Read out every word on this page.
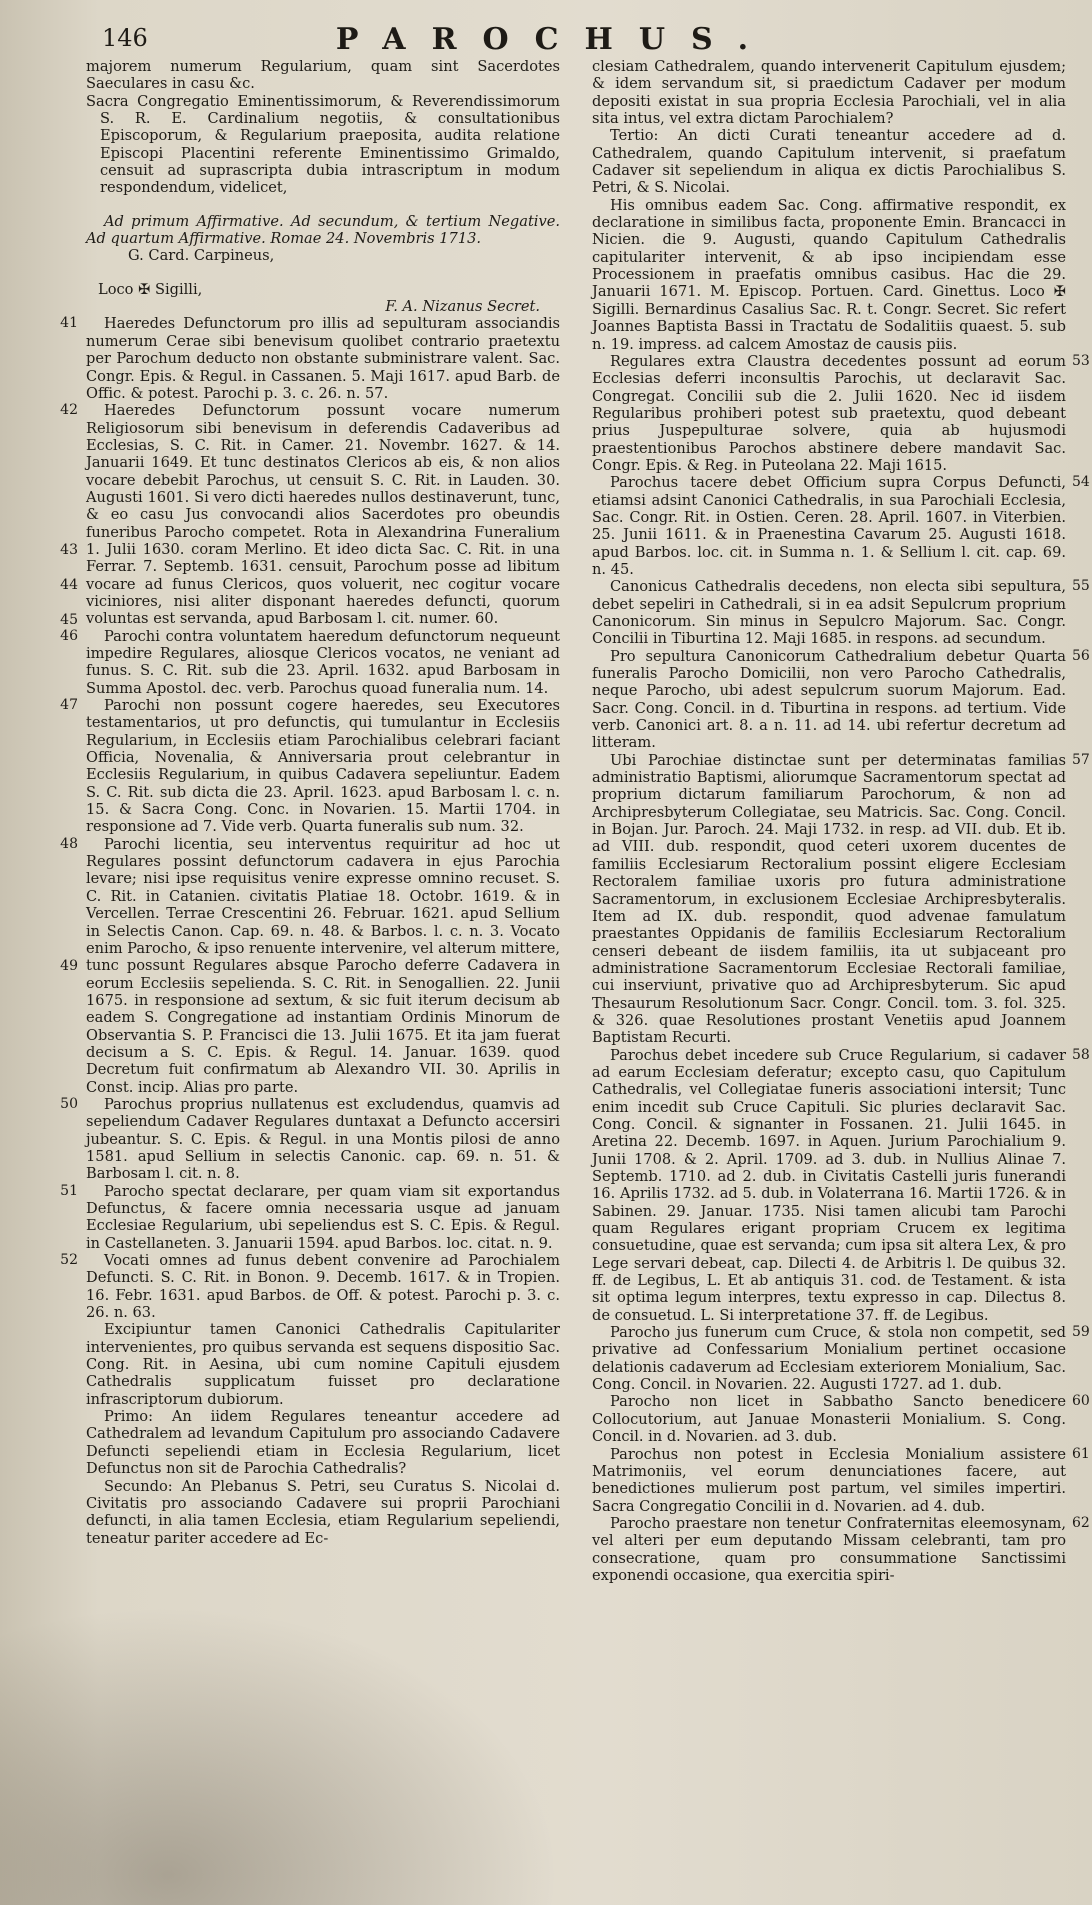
146	PAROCHUS.

majorem numerum Regularium, quam sint Sacerdotes Saeculares in casu &c.

Sacra Congregatio Eminentissimorum, & Reverendissimorum S. R. E. Cardinalium negotiis, & consultationibus Episcoporum, & Regularium praeposita, audita relatione Episcopi Placentini referente Eminentissimo Grimaldo, censuit ad suprascripta dubia intrascriptum in modum respondendum, videlicet,

Ad primum Affirmative. Ad secundum, & tertium Negative. Ad quartum Affirmative. Romae 24. Novembris 1713.

G. Card. Carpineus,

Loco ✠ Sigilli,

F. A. Nizanus Secret.

41 Haeredes Defunctorum pro illis ad sepulturam associandis numerum Cerae sibi benevisum quolibet contrario praetextu per Parochum deducto non obstante subministrare valent. Sac. Congr. Epis. & Regul. in Cassanen. 5. Maji 1617. apud Barb. de Offic. & potest. Parochi p. 3. c. 26. n. 57.

42
43
44
45
Haeredes Defunctorum possunt vocare numerum Religiosorum sibi benevisum in deferendis Cadaveribus ad Ecclesias, S. C. Rit. in Camer. 21. Novembr. 1627. & 14. Januarii 1649. Et tunc destinatos Clericos ab eis, & non alios vocare debebit Parochus, ut censuit S. C. Rit. in Lauden. 30. Augusti 1601. Si vero dicti haeredes nullos destinaverunt, tunc, & eo casu Jus convocandi alios Sacerdotes pro obeundis funeribus Parocho competet. Rota in Alexandrina Funeralium 1. Julii 1630. coram Merlino. Et ideo dicta Sac. C. Rit. in una Ferrar. 7. Septemb. 1631. censuit, Parochum posse ad libitum vocare ad funus Clericos, quos voluerit, nec cogitur vocare viciniores, nisi aliter disponant haeredes defuncti, quorum voluntas est servanda, apud Barbosam l. cit. numer. 60.

46 Parochi contra voluntatem haeredum defunctorum nequeunt impedire Regulares, aliosque Clericos vocatos, ne veniant ad funus. S. C. Rit. sub die 23. April. 1632. apud Barbosam in Summa Apostol. dec. verb. Parochus quoad funeralia num. 14.

47 Parochi non possunt cogere haeredes, seu Executores testamentarios, ut pro defunctis, qui tumulantur in Ecclesiis Regularium, in Ecclesiis etiam Parochialibus celebrari faciant Officia, Novenalia, & Anniversaria prout celebrantur in Ecclesiis Regularium, in quibus Cadavera sepeliuntur. Eadem S. C. Rit. sub dicta die 23. April. 1623. apud Barbosam l. c. n. 15. & Sacra Cong. Conc. in Novarien. 15. Martii 1704. in responsione ad 7. Vide verb. Quarta funeralis sub num. 32.

48
49
Parochi licentia, seu interventus requiritur ad hoc ut Regulares possint defunctorum cadavera in ejus Parochia levare; nisi ipse requisitus venire expresse omnino recuset. S. C. Rit. in Catanien. civitatis Platiae 18. Octobr. 1619. & in Vercellen. Terrae Crescentini 26. Februar. 1621. apud Sellium in Selectis Canon. Cap. 69. n. 48. & Barbos. l. c. n. 3. Vocato enim Parocho, & ipso renuente intervenire, vel alterum mittere, tunc possunt Regulares absque Parocho deferre Cadavera in eorum Ecclesiis sepelienda. S. C. Rit. in Senogallien. 22. Junii 1675. in responsione ad sextum, & sic fuit iterum decisum ab eadem S. Congregatione ad instantiam Ordinis Minorum de Observantia S. P. Francisci die 13. Julii 1675. Et ita jam fuerat decisum a S. C. Epis. & Regul. 14. Januar. 1639. quod Decretum fuit confirmatum ab Alexandro VII. 30. Aprilis in Const. incip. Alias pro parte.

50 Parochus proprius nullatenus est excludendus, quamvis ad sepeliendum Cadaver Regulares duntaxat a Defuncto accersiri jubeantur. S. C. Epis. & Regul. in una Montis pilosi de anno 1581. apud Sellium in selectis Canonic. cap. 69. n. 51. & Barbosam l. cit. n. 8.

51 Parocho spectat declarare, per quam viam sit exportandus Defunctus, & facere omnia necessaria usque ad januam Ecclesiae Regularium, ubi sepeliendus est S. C. Epis. & Regul. in Castellaneten. 3. Januarii 1594. apud Barbos. loc. citat. n. 9.

52 Vocati omnes ad funus debent convenire ad Parochialem Defuncti. S. C. Rit. in Bonon. 9. Decemb. 1617. & in Tropien. 16. Febr. 1631. apud Barbos. de Off. & potest. Parochi p. 3. c. 26. n. 63.

Excipiuntur tamen Canonici Cathedralis Capitulariter intervenientes, pro quibus servanda est sequens dispositio Sac. Cong. Rit. in Aesina, ubi cum nomine Capituli ejusdem Cathedralis supplicatum fuisset pro declaratione infrascriptorum dubiorum.

Primo: An iidem Regulares teneantur accedere ad Cathedralem ad levandum Capitulum pro associando Cadavere Defuncti sepeliendi etiam in Ecclesia Regularium, licet Defunctus non sit de Parochia Cathedralis?

Secundo: An Plebanus S. Petri, seu Curatus S. Nicolai d. Civitatis pro associando Cadavere sui proprii Parochiani defuncti, in alia tamen Ecclesia, etiam Regularium sepeliendi, teneatur pariter accedere ad Ec-

clesiam Cathedralem, quando intervenerit Capitulum ejusdem; & idem servandum sit, si praedictum Cadaver per modum depositi existat in sua propria Ecclesia Parochiali, vel in alia sita intus, vel extra dictam Parochialem?

Tertio: An dicti Curati teneantur accedere ad d. Cathedralem, quando Capitulum intervenit, si praefatum Cadaver sit sepeliendum in aliqua ex dictis Parochialibus S. Petri, & S. Nicolai.

His omnibus eadem Sac. Cong. affirmative respondit, ex declaratione in similibus facta, proponente Emin. Brancacci in Nicien. die 9. Augusti, quando Capitulum Cathedralis capitulariter intervenit, & ab ipso incipiendam esse Processionem in praefatis omnibus casibus. Hac die 29. Januarii 1671. M. Episcop. Portuen. Card. Ginettus. Loco ✠ Sigilli. Bernardinus Casalius Sac. R. t. Congr. Secret. Sic refert Joannes Baptista Bassi in Tractatu de Sodalitiis quaest. 5. sub n. 19. impress. ad calcem Amostaz de causis piis.

53
Regulares extra Claustra decedentes possunt ad eorum Ecclesias deferri inconsultis Parochis, ut declaravit Sac. Congregat. Concilii sub die 2. Julii 1620. Nec id iisdem Regularibus prohiberi potest sub praetextu, quod debeant prius Juspepulturae solvere, quia ab hujusmodi praestentionibus Parochos abstinere debere mandavit Sac. Congr. Epis. & Reg. in Puteolana 22. Maji 1615.

54
Parochus tacere debet Officium supra Corpus Defuncti, etiamsi adsint Canonici Cathedralis, in sua Parochiali Ecclesia, Sac. Congr. Rit. in Ostien. Ceren. 28. April. 1607. in Viterbien. 25. Junii 1611. & in Praenestina Cavarum 25. Augusti 1618. apud Barbos. loc. cit. in Summa n. 1. & Sellium l. cit. cap. 69. n. 45.

55
Canonicus Cathedralis decedens, non electa sibi sepultura, debet sepeliri in Cathedrali, si in ea adsit Sepulcrum proprium Canonicorum. Sin minus in Sepulcro Majorum. Sac. Congr. Concilii in Tiburtina 12. Maji 1685. in respons. ad secundum.

56
Pro sepultura Canonicorum Cathedralium debetur Quarta funeralis Parocho Domicilii, non vero Parocho Cathedralis, neque Parocho, ubi adest sepulcrum suorum Majorum. Ead. Sacr. Cong. Concil. in d. Tiburtina in respons. ad tertium. Vide verb. Canonici art. 8. a n. 11. ad 14. ubi refertur decretum ad litteram.

57
Ubi Parochiae distinctae sunt per determinatas familias administratio Baptismi, aliorumque Sacramentorum spectat ad proprium dictarum familiarum Parochorum, & non ad Archipresbyterum Collegiatae, seu Matricis. Sac. Cong. Concil. in Bojan. Jur. Paroch. 24. Maji 1732. in resp. ad VII. dub. Et ib. ad VIII. dub. respondit, quod ceteri uxorem ducentes de familiis Ecclesiarum Rectoralium possint eligere Ecclesiam Rectoralem familiae uxoris pro futura administratione Sacramentorum, in exclusionem Ecclesiae Archipresbyteralis. Item ad IX. dub. respondit, quod advenae famulatum praestantes Oppidanis de familiis Ecclesiarum Rectoralium censeri debeant de iisdem familiis, ita ut subjaceant pro administratione Sacramentorum Ecclesiae Rectorali familiae, cui inserviunt, privative quo ad Archipresbyterum. Sic apud Thesaurum Resolutionum Sacr. Congr. Concil. tom. 3. fol. 325. & 326. quae Resolutiones prostant Venetiis apud Joannem Baptistam Recurti.

58
Parochus debet incedere sub Cruce Regularium, si cadaver ad earum Ecclesiam deferatur; excepto casu, quo Capitulum Cathedralis, vel Collegiatae funeris associationi intersit; Tunc enim incedit sub Cruce Capituli. Sic pluries declaravit Sac. Cong. Concil. & signanter in Fossanen. 21. Julii 1645. in Aretina 22. Decemb. 1697. in Aquen. Jurium Parochialium 9. Junii 1708. & 2. April. 1709. ad 3. dub. in Nullius Alinae 7. Septemb. 1710. ad 2. dub. in Civitatis Castelli juris funerandi 16. Aprilis 1732. ad 5. dub. in Volaterrana 16. Martii 1726. & in Sabinen. 29. Januar. 1735. Nisi tamen alicubi tam Parochi quam Regulares erigant propriam Crucem ex legitima consuetudine, quae est servanda; cum ipsa sit altera Lex, & pro Lege servari debeat, cap. Dilecti 4. de Arbitris l. De quibus 32. ff. de Legibus, L. Et ab antiquis 31. cod. de Testament. & ista sit optima legum interpres, textu expresso in cap. Dilectus 8. de consuetud. L. Si interpretatione 37. ff. de Legibus.

59
Parocho jus funerum cum Cruce, & stola non competit, sed privative ad Confessarium Monialium pertinet occasione delationis cadaverum ad Ecclesiam exteriorem Monialium, Sac. Cong. Concil. in Novarien. 22. Augusti 1727. ad 1. dub.

60
Parocho non licet in Sabbatho Sancto benedicere Collocutorium, aut Januae Monasterii Monialium. S. Cong. Concil. in d. Novarien. ad 3. dub.

61
Parochus non potest in Ecclesia Monialium assistere Matrimoniis, vel eorum denunciationes facere, aut benedictiones mulierum post partum, vel similes impertiri. Sacra Congregatio Concilii in d. Novarien. ad 4. dub.

62
Parocho praestare non tenetur Confraternitas eleemosynam, vel alteri per eum deputando Missam celebranti, tam pro consecratione, quam pro consummatione Sanctissimi exponendi occasione, qua exercitia spiri-
